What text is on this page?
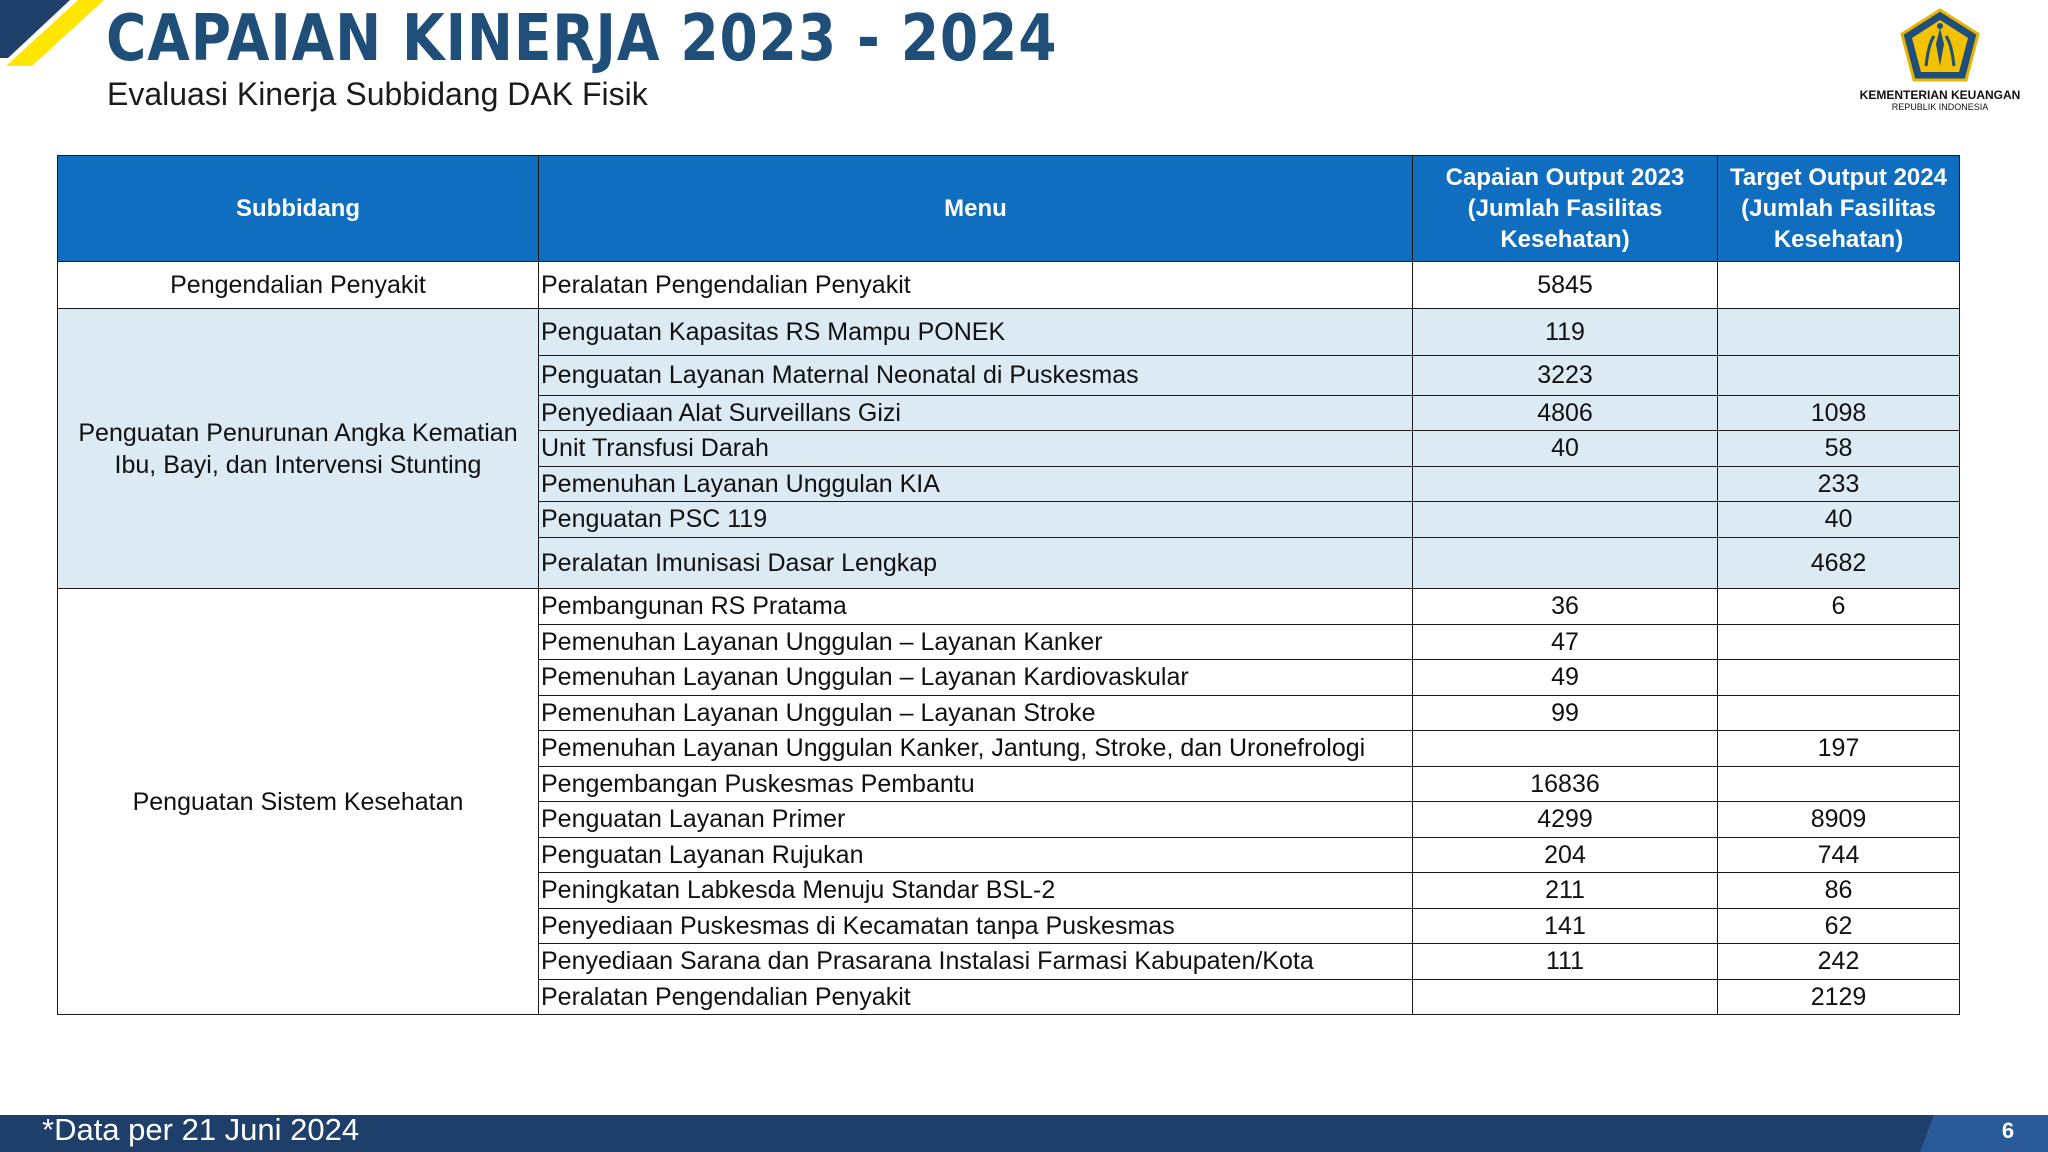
CAPAIAN KINERJA 2023 - 2024
Evaluasi Kinerja Subbidang DAK Fisik	KEMENTERIAN KEUANGAN
REPUBLIK INDONESIA
Subbidang	Menu	Capaian Output 2023 (Jumlah Fasilitas Kesehatan)	Target Output 2024 (Jumlah Fasilitas Kesehatan)
Pengendalian Penyakit	Peralatan Pengendalian Penyakit	5845	
Penguatan Penurunan Angka Kematian Ibu, Bayi, dan Intervensi Stunting	Penguatan Kapasitas RS Mampu PONEK	119	
	Penguatan Layanan Maternal Neonatal di Puskesmas	3223	
	Penyediaan Alat Surveillans Gizi	4806	1098
	Unit Transfusi Darah	40	58
	Pemenuhan Layanan Unggulan KIA		233
	Penguatan PSC 119		40
	Peralatan Imunisasi Dasar Lengkap		4682
Penguatan Sistem Kesehatan	Pembangunan RS Pratama	36	6
	Pemenuhan Layanan Unggulan – Layanan Kanker	47	
	Pemenuhan Layanan Unggulan – Layanan Kardiovaskular	49	
	Pemenuhan Layanan Unggulan – Layanan Stroke	99	
	Pemenuhan Layanan Unggulan Kanker, Jantung, Stroke, dan Uronefrologi		197
	Pengembangan Puskesmas Pembantu	16836	
	Penguatan Layanan Primer	4299	8909
	Penguatan Layanan Rujukan	204	744
	Peningkatan Labkesda Menuju Standar BSL-2	211	86
	Penyediaan Puskesmas di Kecamatan tanpa Puskesmas	141	62
	Penyediaan Sarana dan Prasarana Instalasi Farmasi Kabupaten/Kota	111	242
	Peralatan Pengendalian Penyakit		2129
*Data per 21 Juni 2024	6
